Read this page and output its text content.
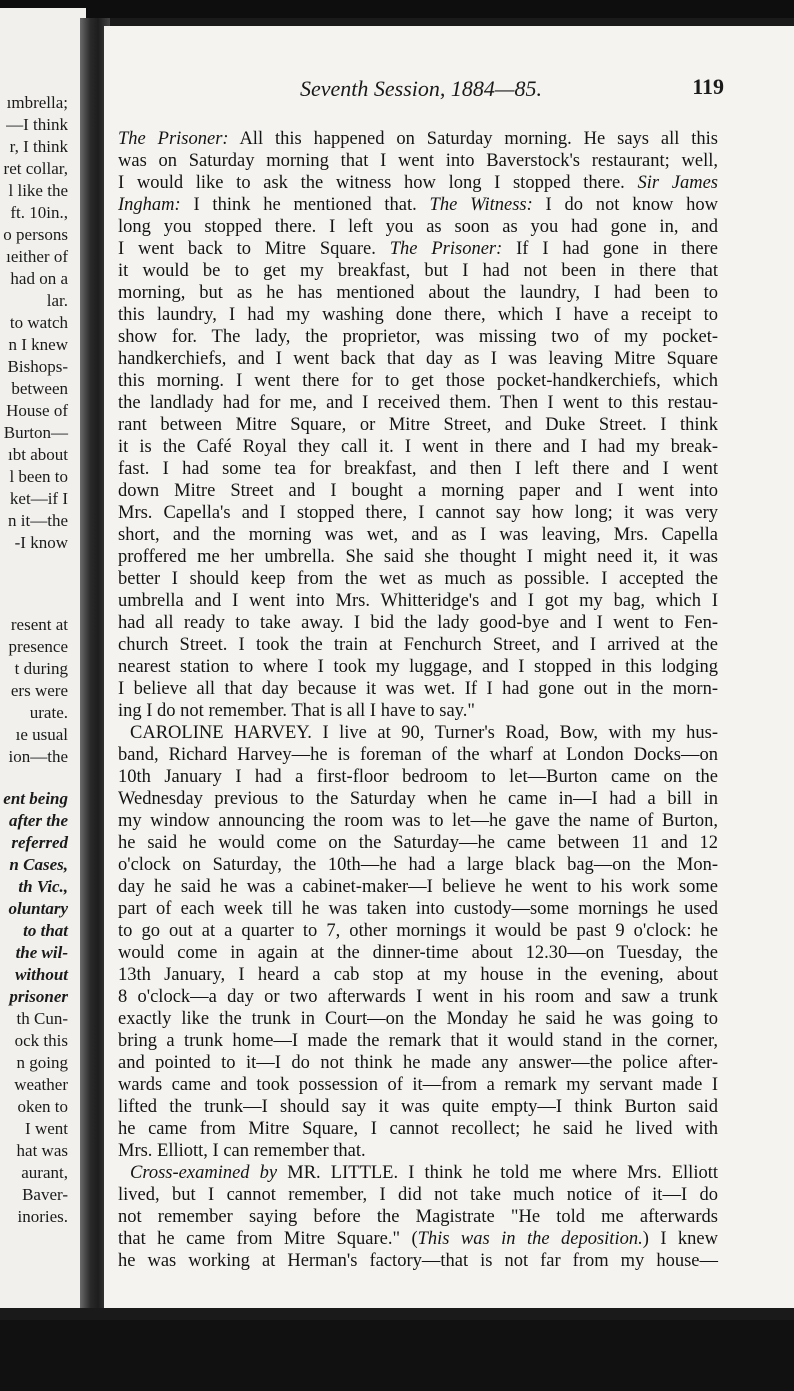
ımbrella;
—I think
r, I think
ret collar,
l like the
ft. 10in.,
o persons
ıeither of
had on a
lar.
to watch
n I knew
Bishops-
between
House of
Burton—
ıbt about
l been to
ket—if I
n it—the
-I know
resent at
presence
t during
ers were
urate.
ıe usual
ion—the
ent being
after the
referred
n Cases,
th Vic.,
oluntary
to that
the wil-
without
prisoner
th Cun-
ock this
n going
weather
oken to
I went
hat was
aurant,
Baver-
inories.
Seventh Session, 1884—85.	119
The Prisoner: All this happened on Saturday morning. He says all this
was on Saturday morning that I went into Baverstock's restaurant; well,
I would like to ask the witness how long I stopped there. Sir James
Ingham: I think he mentioned that. The Witness: I do not know how
long you stopped there. I left you as soon as you had gone in, and
I went back to Mitre Square. The Prisoner: If I had gone in there
it would be to get my breakfast, but I had not been in there that
morning, but as he has mentioned about the laundry, I had been to
this laundry, I had my washing done there, which I have a receipt to
show for. The lady, the proprietor, was missing two of my pocket-
handkerchiefs, and I went back that day as I was leaving Mitre Square
this morning. I went there for to get those pocket-handkerchiefs, which
the landlady had for me, and I received them. Then I went to this restau-
rant between Mitre Square, or Mitre Street, and Duke Street. I think
it is the Café Royal they call it. I went in there and I had my break-
fast. I had some tea for breakfast, and then I left there and I went
down Mitre Street and I bought a morning paper and I went into
Mrs. Capella's and I stopped there, I cannot say how long; it was very
short, and the morning was wet, and as I was leaving, Mrs. Capella
proffered me her umbrella. She said she thought I might need it, it was
better I should keep from the wet as much as possible. I accepted the
umbrella and I went into Mrs. Whitteridge's and I got my bag, which I
had all ready to take away. I bid the lady good-bye and I went to Fen-
church Street. I took the train at Fenchurch Street, and I arrived at the
nearest station to where I took my luggage, and I stopped in this lodging
I believe all that day because it was wet. If I had gone out in the morn-
ing I do not remember. That is all I have to say."
CAROLINE HARVEY. I live at 90, Turner's Road, Bow, with my hus-
band, Richard Harvey—he is foreman of the wharf at London Docks—on
10th January I had a first-floor bedroom to let—Burton came on the
Wednesday previous to the Saturday when he came in—I had a bill in
my window announcing the room was to let—he gave the name of Burton,
he said he would come on the Saturday—he came between 11 and 12
o'clock on Saturday, the 10th—he had a large black bag—on the Mon-
day he said he was a cabinet-maker—I believe he went to his work some
part of each week till he was taken into custody—some mornings he used
to go out at a quarter to 7, other mornings it would be past 9 o'clock: he
would come in again at the dinner-time about 12.30—on Tuesday, the
13th January, I heard a cab stop at my house in the evening, about
8 o'clock—a day or two afterwards I went in his room and saw a trunk
exactly like the trunk in Court—on the Monday he said he was going to
bring a trunk home—I made the remark that it would stand in the corner,
and pointed to it—I do not think he made any answer—the police after-
wards came and took possession of it—from a remark my servant made I
lifted the trunk—I should say it was quite empty—I think Burton said
he came from Mitre Square, I cannot recollect; he said he lived with
Mrs. Elliott, I can remember that.
Cross-examined by MR. LITTLE. I think he told me where Mrs. Elliott
lived, but I cannot remember, I did not take much notice of it—I do
not remember saying before the Magistrate "He told me afterwards
that he came from Mitre Square." (This was in the deposition.) I knew
he was working at Herman's factory—that is not far from my house—
